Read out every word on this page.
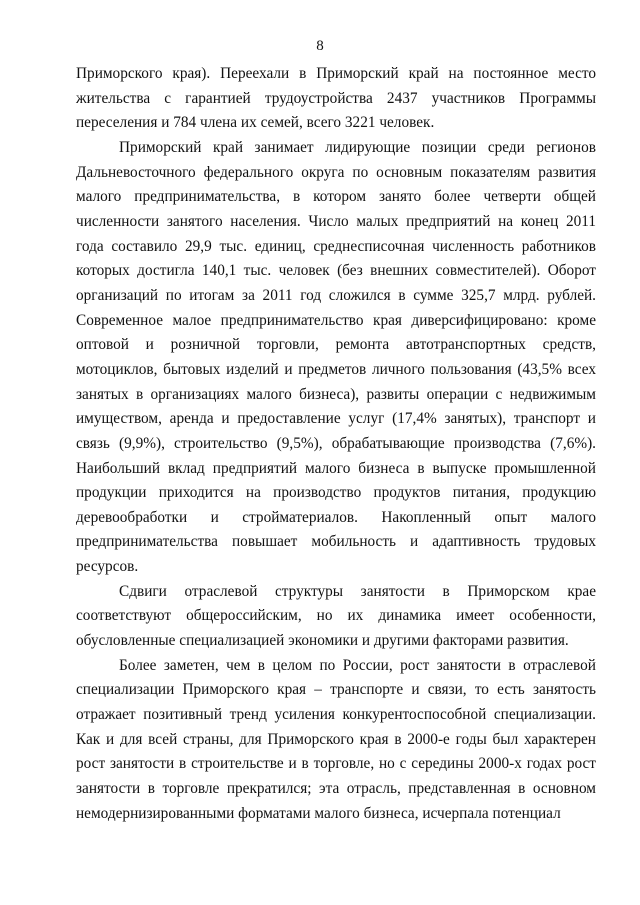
8

Приморского края). Переехали в Приморский край на постоянное место жительства с гарантией трудоустройства 2437 участников Программы переселения и 784 члена их семей, всего 3221 человек.

Приморский край занимает лидирующие позиции среди регионов Дальневосточного федерального округа по основным показателям развития малого предпринимательства, в котором занято более четверти общей численности занятого населения. Число малых предприятий на конец 2011 года составило 29,9 тыс. единиц, среднесписочная численность работников которых достигла 140,1 тыс. человек (без внешних совместителей). Оборот организаций по итогам за 2011 год сложился в сумме 325,7 млрд. рублей. Современное малое предпринимательство края диверсифицировано: кроме оптовой и розничной торговли, ремонта автотранспортных средств, мотоциклов, бытовых изделий и предметов личного пользования (43,5% всех занятых в организациях малого бизнеса), развиты операции с недвижимым имуществом, аренда и предоставление услуг (17,4% занятых), транспорт и связь (9,9%), строительство (9,5%), обрабатывающие производства (7,6%). Наибольший вклад предприятий малого бизнеса в выпуске промышленной продукции приходится на производство продуктов питания, продукцию деревообработки и стройматериалов. Накопленный опыт малого предпринимательства повышает мобильность и адаптивность трудовых ресурсов.

Сдвиги отраслевой структуры занятости в Приморском крае соответствуют общероссийским, но их динамика имеет особенности, обусловленные специализацией экономики и другими факторами развития.

Более заметен, чем в целом по России, рост занятости в отраслевой специализации Приморского края – транспорте и связи, то есть занятость отражает позитивный тренд усиления конкурентоспособной специализации. Как и для всей страны, для Приморского края в 2000-е годы был характерен рост занятости в строительстве и в торговле, но с середины 2000-х годах рост занятости в торговле прекратился; эта отрасль, представленная в основном немодернизированными форматами малого бизнеса, исчерпала потенциал
